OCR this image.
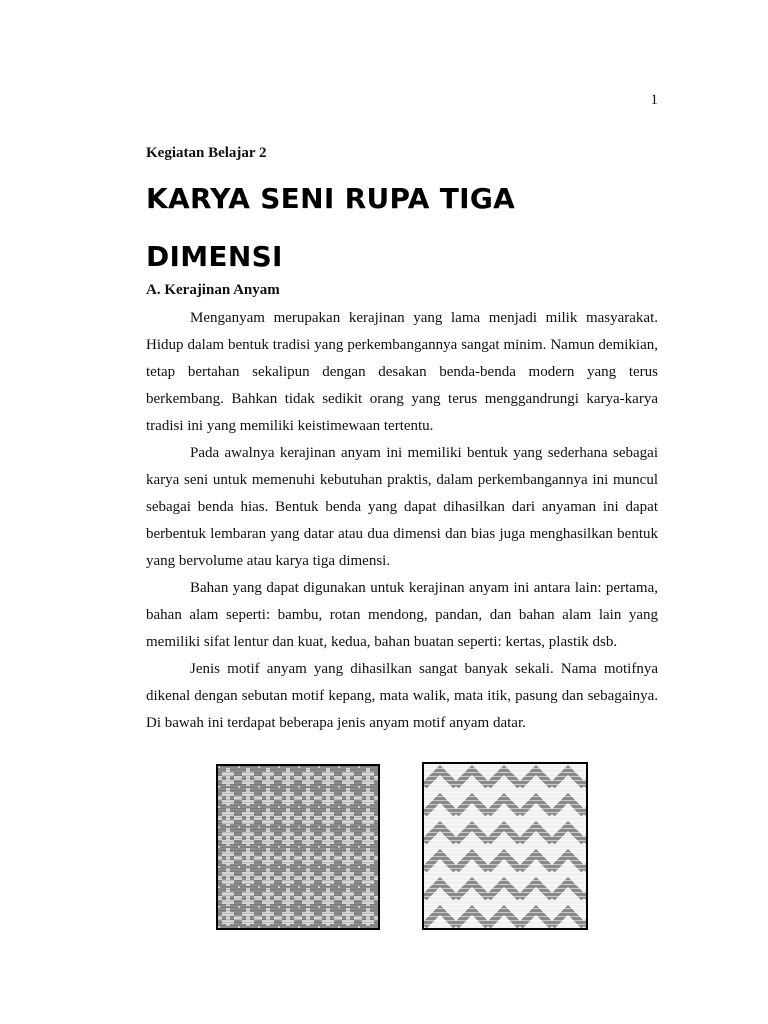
1
Kegiatan Belajar 2
KARYA SENI RUPA TIGA
DIMENSI
A. Kerajinan Anyam

Menganyam merupakan kerajinan yang lama menjadi milik masyarakat. Hidup dalam bentuk tradisi yang perkembangannya sangat minim. Namun demikian, tetap bertahan sekalipun dengan desakan benda-benda modern yang terus berkembang. Bahkan tidak sedikit orang yang terus menggandrungi karya-karya tradisi ini yang memiliki keistimewaan tertentu.

Pada awalnya kerajinan anyam ini memiliki bentuk yang sederhana sebagai karya seni untuk memenuhi kebutuhan praktis, dalam perkembangannya ini muncul sebagai benda hias. Bentuk benda yang dapat dihasilkan dari anyaman ini dapat berbentuk lembaran yang datar atau dua dimensi dan bias juga menghasilkan bentuk yang bervolume atau karya tiga dimensi.

Bahan yang dapat digunakan untuk kerajinan anyam ini antara lain: pertama, bahan alam seperti: bambu, rotan mendong, pandan, dan bahan alam lain yang memiliki sifat lentur dan kuat, kedua, bahan buatan seperti: kertas, plastik dsb.

Jenis motif anyam yang dihasilkan sangat banyak sekali. Nama motifnya dikenal dengan sebutan motif kepang, mata walik, mata itik, pasung dan sebagainya. Di bawah ini terdapat beberapa jenis anyam motif anyam datar.
